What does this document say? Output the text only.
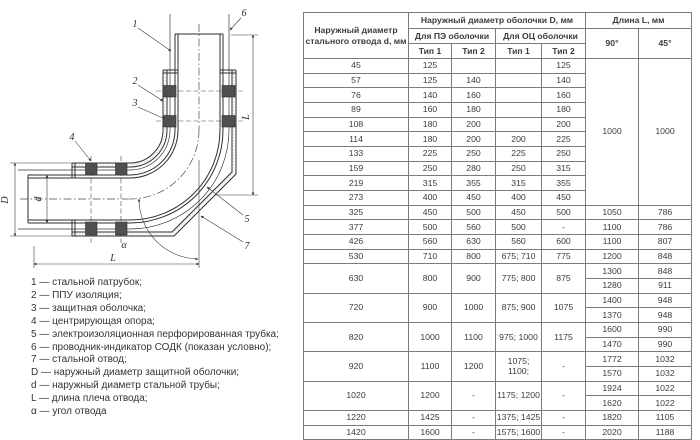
1
2
3
4
5
6
7
D d
L
L
α
1 — стальной патрубок;
2 — ППУ изоляция;
3 — защитная оболочка;
4 — центрирующая опора;
5 — электроизоляционная перфорированная трубка;
6 — проводник-индикатор СОДК (показан условно);
7 — стальной отвод;
D — наружный диаметр защитной оболочки;
d — наружный диаметр стальной трубы;
L — длина плеча отвода;
α — угол отвода
Наружный диаметр стального отвода d, мм	Наружный диаметр оболочки D, мм				Длина L, мм	
	Для ПЭ оболочки		Для ОЦ оболочки		90°	45°
	Тип 1	Тип 2	Тип 1	Тип 2		
45	125			125	1000	1000
57	125	140		140		
76	140	160		160		
89	160	180		180		
108	180	200		200		
114	180	200	200	225		
133	225	250	225	250		
159	250	280	250	315		
219	315	355	315	355		
273	400	450	400	450		
325	450	500	450	500	1050	786
377	500	560	500	-	1100	786
426	560	630	560	600	1100	807
530	710	800	675; 710	775	1200	848
630	800	900	775; 800	875	1300	848
					1280	911
720	900	1000	875; 900	1075	1400	948
					1370	948
820	1000	1100	975; 1000	1175	1600	990
					1470	990
920	1100	1200	1075; 1100;	-	1772	1032
					1570	1032
1020	1200	-	1175; 1200	-	1924	1022
					1620	1022
1220	1425	-	1375; 1425	-	1820	1105
1420	1600	-	1575; 1600	-	2020	1188
